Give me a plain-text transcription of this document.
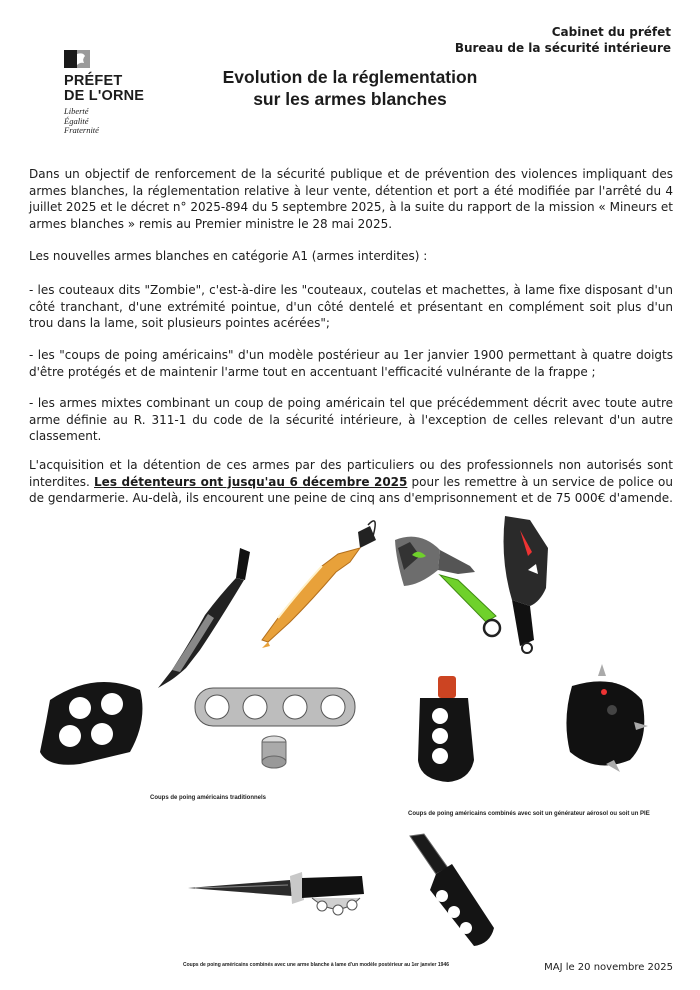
Cabinet du préfet
Bureau de la sécurité intérieure
PRÉFET
DE L'ORNE
Liberté
Égalité
Fraternité
Evolution de la réglementation
sur les armes blanches
Dans un objectif de renforcement de la sécurité publique et de prévention des violences impliquant des armes blanches, la réglementation relative à leur vente, détention et port a été modifiée par l'arrêté du 4 juillet 2025 et le décret n° 2025-894 du 5 septembre 2025, à la suite du rapport de la mission « Mineurs et armes blanches » remis au Premier ministre le 28 mai 2025.
Les nouvelles armes blanches en catégorie A1 (armes interdites) :
- les couteaux dits "Zombie", c'est-à-dire les "couteaux, coutelas et machettes, à lame fixe disposant d'un côté tranchant, d'une extrémité pointue, d'un côté dentelé et présentant en complément soit plus d'un trou dans la lame, soit plusieurs pointes acérées";
- les "coups de poing américains" d'un modèle postérieur au 1er janvier 1900 permettant à quatre doigts d'être protégés et de maintenir l'arme tout en accentuant l'efficacité vulnérante de la frappe ;
- les armes mixtes combinant un coup de poing américain tel que précédemment décrit avec toute autre arme définie au R. 311-1 du code de la sécurité intérieure, à l'exception de celles relevant d'un autre classement.
L'acquisition et la détention de ces armes par des particuliers ou des professionnels non autorisés sont interdites. Les détenteurs ont jusqu'au 6 décembre 2025 pour les remettre à un service de police ou de gendarmerie. Au-delà, ils encourent une peine de cinq ans d'emprisonnement et de 75 000€ d'amende.
Coups de poing américains traditionnels
Coups de poing américains combinés avec soit un générateur aérosol ou soit un PIE
Coups de poing américains combinés avec une arme blanche à lame d'un modèle postérieur au 1er janvier 1946	MAJ le 20 novembre 2025
